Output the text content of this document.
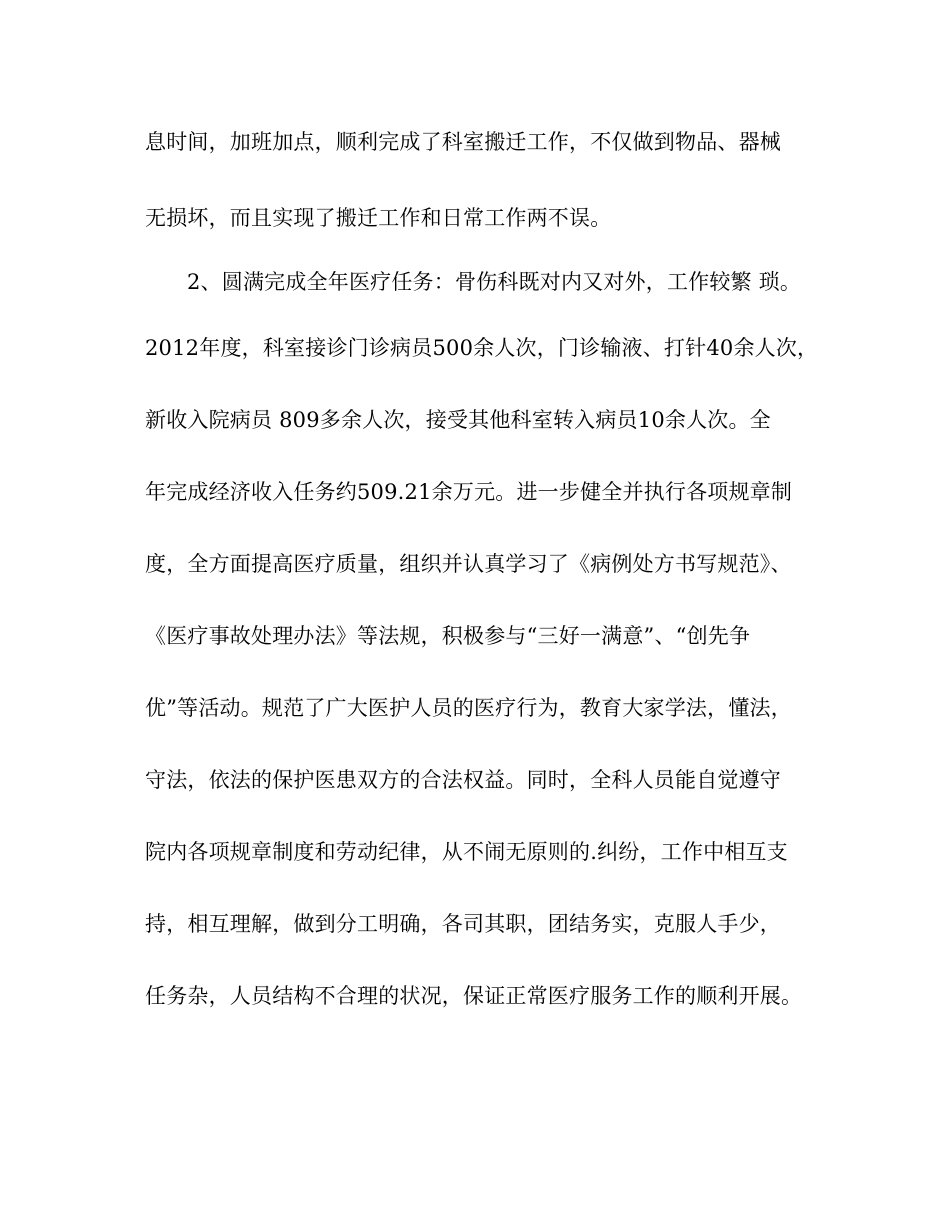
息时间，加班加点，顺利完成了科室搬迁工作，不仅做到物品、器械
无损坏，而且实现了搬迁工作和日常工作两不误。
2、圆满完成全年医疗任务：骨伤科既对内又对外，工作较繁 琐。
2012年度，科室接诊门诊病员500余人次，门诊输液、打针40余人次，
新收入院病员 809多余人次，接受其他科室转入病员10余人次。全
年完成经济收入任务约509.21余万元。进一步健全并执行各项规章制
度，全方面提高医疗质量，组织并认真学习了《病例处方书写规范》、
《医疗事故处理办法》等法规，积极参与“三好一满意”、“创先争
优”等活动。规范了广大医护人员的医疗行为，教育大家学法，懂法，
守法，依法的保护医患双方的合法权益。同时，全科人员能自觉遵守
院内各项规章制度和劳动纪律，从不闹无原则的.纠纷，工作中相互支
持，相互理解，做到分工明确，各司其职，团结务实，克服人手少，
任务杂，人员结构不合理的状况，保证正常医疗服务工作的顺利开展。
